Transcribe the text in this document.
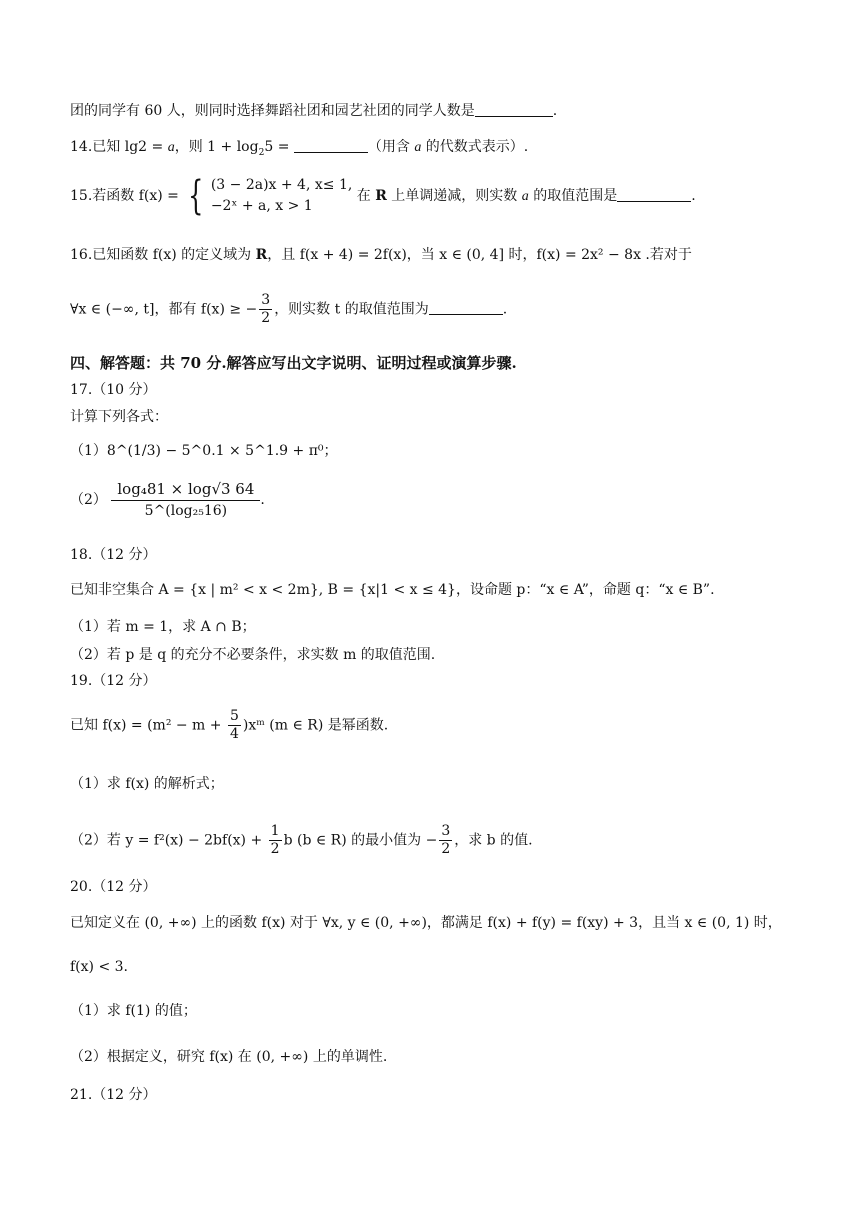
团的同学有 60 人，则同时选择舞蹈社团和园艺社团的同学人数是	.
14.已知 lg2 = a，则 $1 + \log_25$ =	（用含 a 的代数式表示）.
15.若函数 f(x) = { (3 − 2a)x + 4, x≤ 1,
−2ˣ + a, x > 1
在 R 上单调递减，则实数 a 的取值范围是	.
16.已知函数 f(x) 的定义域为 R，且 f(x + 4) = 2f(x)，当 x ∈ (0, 4] 时，f(x) = 2x² − 8x .若对于
∀x ∈ (−∞, t]，都有 f(x) ≥ − $\frac{3}{2}$ ，则实数 t 的取值范围为	.
四、解答题：共 70 分.解答应写出文字说明、证明过程或演算步骤.
17.（10 分）
计算下列各式：
（1）8^(1/3) − 5^0.1 × 5^1.9 + π⁰；
$(2) \frac{\text{log₄81 × log√3 64}}{\text{5\textasciicircum{}(log₂₅16)}}$ .
18.（12 分）
已知非空集合 A = {x | m² < x < 2m}, B = {x|1 < x ≤ 4}，设命题 p：“x ∈ A”，命题 q：“x ∈ B”.
（1）若 m = 1，求 A ∩ B；
（2）若 p 是 q 的充分不必要条件，求实数 m 的取值范围.
19.（12 分）
已知 $f(x) = (m^2 - m + \frac{5}{4}$ )xᵐ (m ∈ R) 是幂函数.
（1）求 f(x) 的解析式；
（2）若 $y = f^2(x) - 2bf(x) + \frac{1}{2}$ b (b ∈ R) 的最小值为 − $\frac{3}{2}$ ，求 b 的值.
20.（12 分）
已知定义在 (0, +∞) 上的函数 f(x) 对于 ∀x, y ∈ (0, +∞)，都满足 f(x) + f(y) = f(xy) + 3，且当 x ∈ (0, 1) 时，
f(x) < 3.
（1）求 f(1) 的值；
（2）根据定义，研究 f(x) 在 (0, +∞) 上的单调性.
21.（12 分）
